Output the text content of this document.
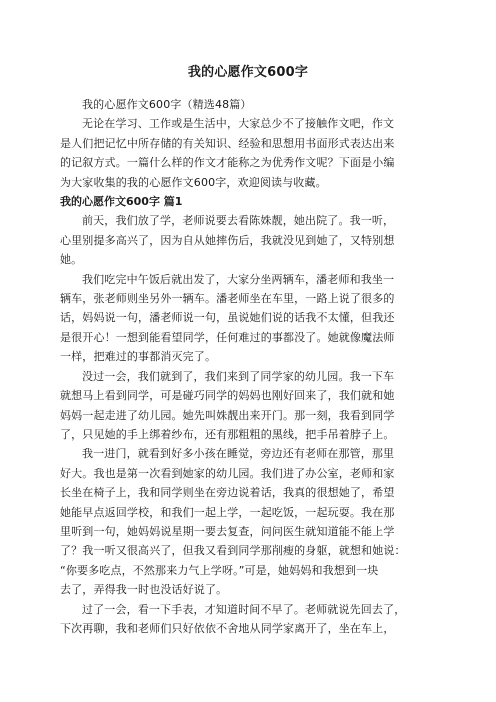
我的心愿作文600字

我的心愿作文600字（精选48篇）

无论在学习、工作或是生活中，大家总少不了接触作文吧，作文

是人们把记忆中所存储的有关知识、经验和思想用书面形式表达出来

的记叙方式。一篇什么样的作文才能称之为优秀作文呢？下面是小编

为大家收集的我的心愿作文600字，欢迎阅读与收藏。

我的心愿作文600字 篇1

前天，我们放了学，老师说要去看陈姝靓，她出院了。我一听，

心里别提多高兴了，因为自从她摔伤后，我就没见到她了，又特别想

她。

我们吃完中午饭后就出发了，大家分坐两辆车，潘老师和我坐一

辆车，张老师则坐另外一辆车。潘老师坐在车里，一路上说了很多的

话，妈妈说一句，潘老师说一句，虽说她们说的话我不太懂，但我还

是很开心！一想到能看望同学，任何难过的事都没了。她就像魔法师

一样，把难过的事都消灭完了。

没过一会，我们就到了，我们来到了同学家的幼儿园。我一下车

就想马上看到同学，可是碰巧同学的妈妈也刚好回来了，我们就和她

妈妈一起走进了幼儿园。她先叫姝靓出来开门。那一刻，我看到同学

了，只见她的手上绑着纱布，还有那粗粗的黑线，把手吊着脖子上。

我一进门，就看到好多小孩在睡觉，旁边还有老师在那管，那里

好大。我也是第一次看到她家的幼儿园。我们进了办公室，老师和家

长坐在椅子上，我和同学则坐在旁边说着话，我真的很想她了，希望

她能早点返回学校，和我们一起上学，一起吃饭，一起玩耍。我在那

里听到一句，她妈妈说星期一要去复查，问问医生就知道能不能上学

了？我一听又很高兴了，但我又看到同学那削瘦的身躯，就想和她说：

“你要多吃点，不然那来力气上学呀。”可是，她妈妈和我想到一块

去了，弄得我一时也没话好说了。

过了一会，看一下手表，才知道时间不早了。老师就说先回去了，

下次再聊，我和老师们只好依依不舍地从同学家离开了，坐在车上，
